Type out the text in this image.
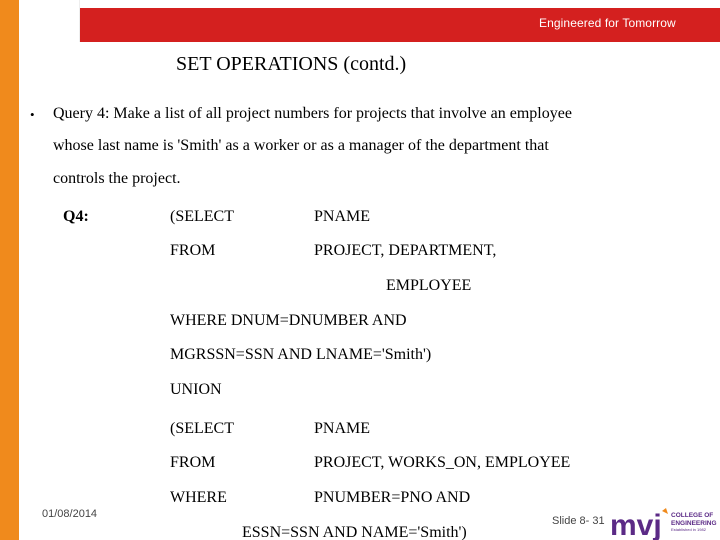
Engineered for Tomorrow
SET OPERATIONS (contd.)
• Query 4: Make a list of all project numbers for projects that involve an employee
whose last name is 'Smith' as a worker or as a manager of the department that
controls the project.
Q4:	(SELECT	PNAME
FROM	PROJECT, DEPARTMENT,
EMPLOYEE
WHERE DNUM=DNUMBER AND
MGRSSN=SSN AND LNAME='Smith')
UNION
(SELECT	PNAME
FROM	PROJECT, WORKS_ON, EMPLOYEE
WHERE	PNUMBER=PNO AND
ESSN=SSN AND NAME='Smith')
01/08/2014
Slide 8- 31 mvj COLLEGE OF
ENGINEERING
Established in 1982
